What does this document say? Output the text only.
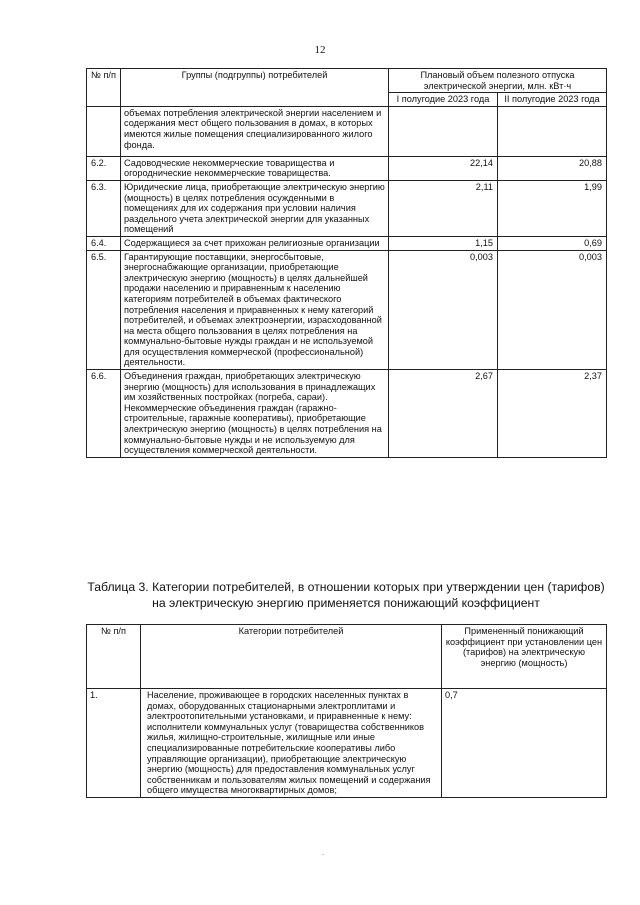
12
№ п/п	Группы (подгруппы) потребителей	Плановый объем полезного отпуска электрической энергии, млн. кВт·ч	
		I полугодие 2023 года	II полугодие 2023 года
	объемах потребления электрической энергии населением и содержания мест общего пользования в домах, в которых имеются жилые помещения специализированного жилого фонда.		
6.2.	Садоводческие некоммерческие товарищества и огороднические некоммерческие товарищества.	22,14	20,88
6.3.	Юридические лица, приобретающие электрическую энергию (мощность) в целях потребления осужденными в помещениях для их содержания при условии наличия раздельного учета электрической энергии для указанных помещений	2,11	1,99
6.4.	Содержащиеся за счет прихожан религиозные организации	1,15	0,69
6.5.	Гарантирующие поставщики, энергосбытовые, энергоснабжающие организации, приобретающие электрическую энергию (мощность) в целях дальнейшей продажи населению и приравненным к населению категориям потребителей в объемах фактического потребления населения и приравненных к нему категорий потребителей, и объемах электроэнергии, израсходованной на места общего пользования в целях потребления на коммунально-бытовые нужды граждан и не используемой для осуществления коммерческой (профессиональной) деятельности.	0,003	0,003
6.6.	Объединения граждан, приобретающих электрическую энергию (мощность) для использования в принадлежащих им хозяйственных постройках (погреба, сараи). Некоммерческие объединения граждан (гаражно-строительные, гаражные кооперативы), приобретающие электрическую энергию (мощность) в целях потребления на коммунально-бытовые нужды и не используемую для осуществления коммерческой деятельности.	2,67	2,37
Таблица 3. Категории потребителей, в отношении которых при утверждении цен (тарифов) на электрическую энергию применяется понижающий коэффициент
№ п/п	Категории потребителей	Примененный понижающий коэффициент при установлении цен (тарифов) на электрическую энергию (мощность)
1.	Население, проживающее в городских населенных пунктах в домах, оборудованных стационарными электроплитами и электроотопительными установками, и приравненные к нему: исполнители коммунальных услуг (товарищества собственников жилья, жилищно-строительные, жилищные или иные специализированные потребительские кооперативы либо управляющие организации), приобретающие электрическую энергию (мощность) для предоставления коммунальных услуг собственникам и пользователям жилых помещений и содержания общего имущества многоквартирных домов;	0,7
.
